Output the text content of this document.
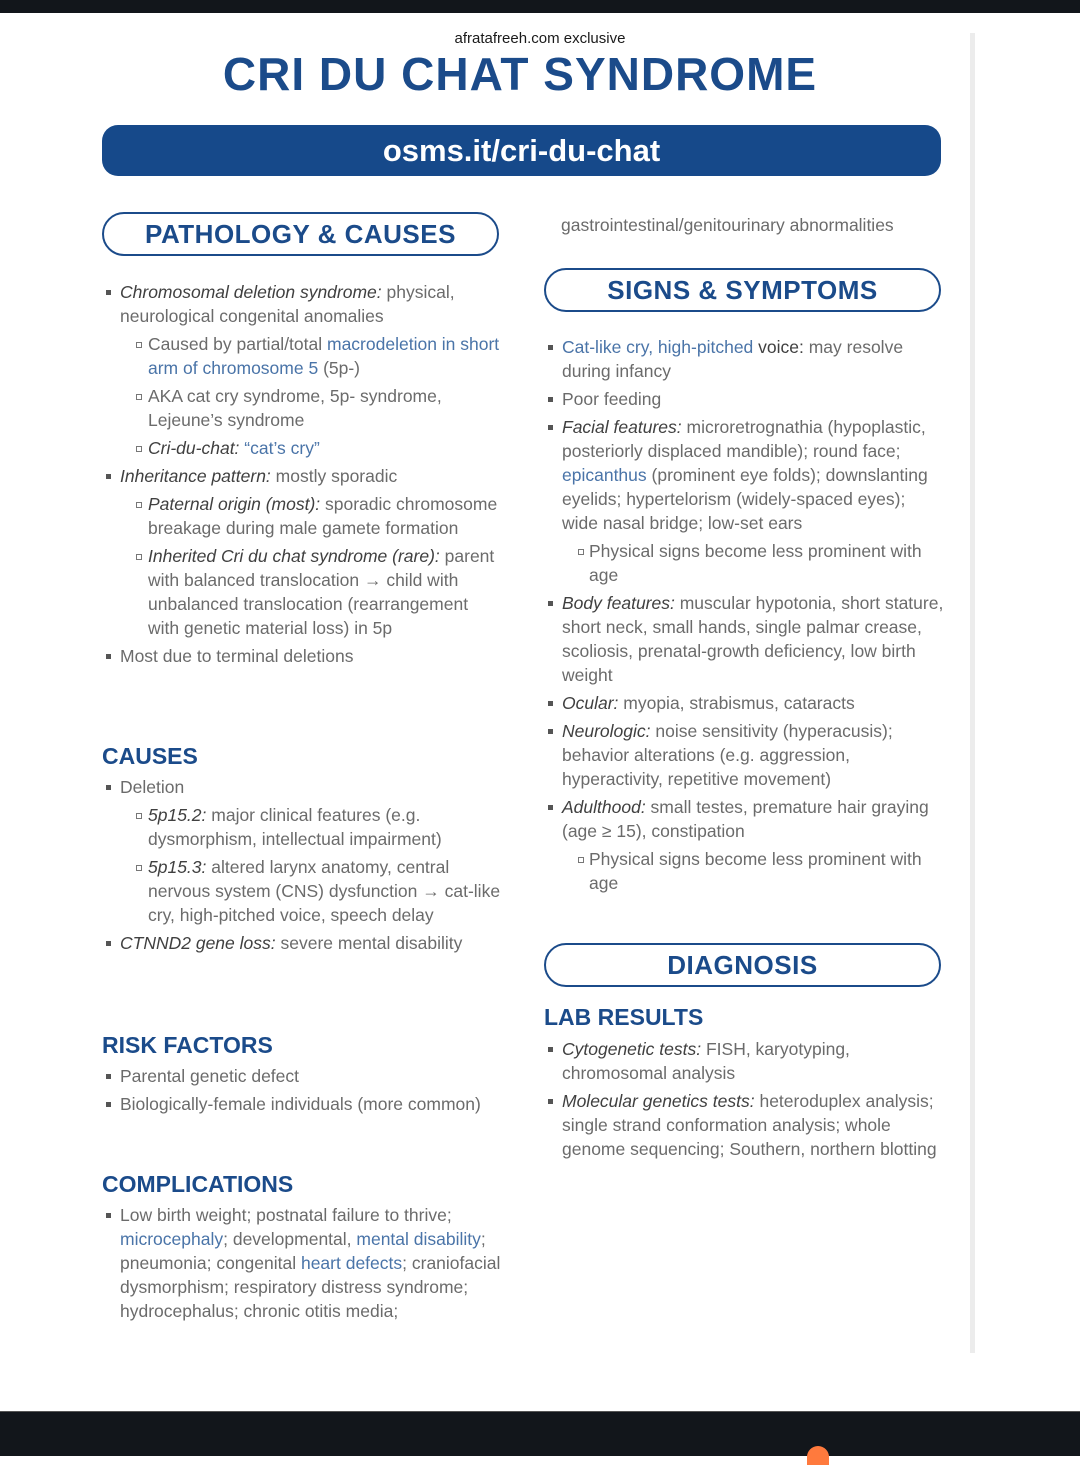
afratafreeh.com exclusive
CRI DU CHAT SYNDROME
osms.it/cri-du-chat
PATHOLOGY & CAUSES
Chromosomal deletion syndrome: physical, neurological congenital anomalies
Caused by partial/total macrodeletion in short arm of chromosome 5 (5p-)
AKA cat cry syndrome, 5p- syndrome, Lejeune’s syndrome
Cri-du-chat: “cat’s cry”
Inheritance pattern: mostly sporadic
Paternal origin (most): sporadic chromosome breakage during male gamete formation
Inherited Cri du chat syndrome (rare): parent with balanced translocation → child with unbalanced translocation (rearrangement with genetic material loss) in 5p
Most due to terminal deletions
CAUSES
Deletion
5p15.2: major clinical features (e.g. dysmorphism, intellectual impairment)
5p15.3: altered larynx anatomy, central nervous system (CNS) dysfunction → cat-like cry, high-pitched voice, speech delay
CTNND2 gene loss: severe mental disability
RISK FACTORS
Parental genetic defect
Biologically-female individuals (more common)
COMPLICATIONS
Low birth weight; postnatal failure to thrive; microcephaly; developmental, mental disability; pneumonia; congenital heart defects; craniofacial dysmorphism; respiratory distress syndrome; hydrocephalus; chronic otitis media;
gastrointestinal/genitourinary abnormalities
SIGNS & SYMPTOMS
Cat-like cry, high-pitched voice: may resolve during infancy
Poor feeding
Facial features: microretrognathia (hypoplastic, posteriorly displaced mandible); round face; epicanthus (prominent eye folds); downslanting eyelids; hypertelorism (widely-spaced eyes); wide nasal bridge; low-set ears
Physical signs become less prominent with age
Body features: muscular hypotonia, short stature, short neck, small hands, single palmar crease, scoliosis, prenatal-growth deficiency, low birth weight
Ocular: myopia, strabismus, cataracts
Neurologic: noise sensitivity (hyperacusis); behavior alterations (e.g. aggression, hyperactivity, repetitive movement)
Adulthood: small testes, premature hair graying (age ≥ 15), constipation
Physical signs become less prominent with age
DIAGNOSIS
LAB RESULTS
Cytogenetic tests: FISH, karyotyping, chromosomal analysis
Molecular genetics tests: heteroduplex analysis; single strand conformation analysis; whole genome sequencing; Southern, northern blotting
